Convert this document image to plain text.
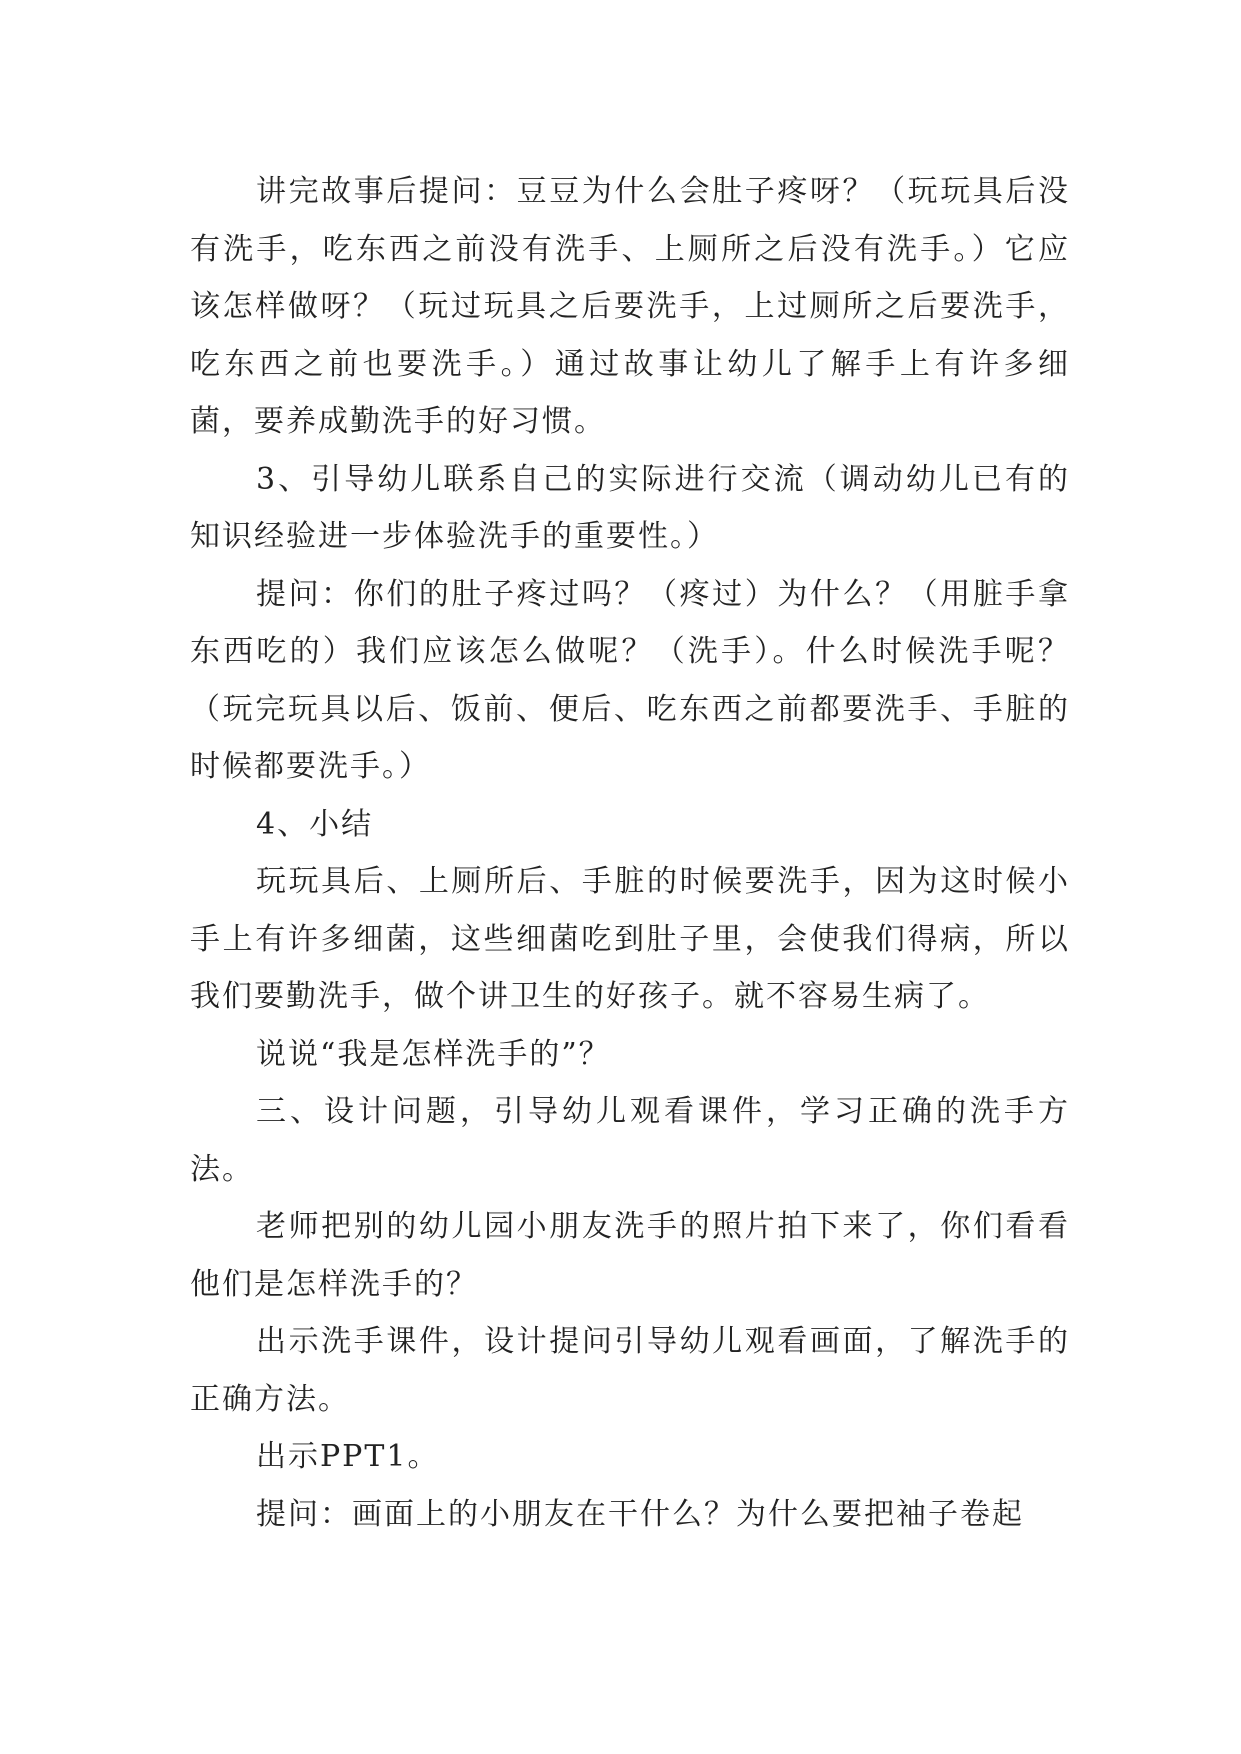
讲完故事后提问：豆豆为什么会肚子疼呀？（玩玩具后没有洗手，吃东西之前没有洗手、上厕所之后没有洗手。）它应该怎样做呀？（玩过玩具之后要洗手，上过厕所之后要洗手，吃东西之前也要洗手。）通过故事让幼儿了解手上有许多细菌，要养成勤洗手的好习惯。

3、引导幼儿联系自己的实际进行交流（调动幼儿已有的知识经验进一步体验洗手的重要性。）

提问：你们的肚子疼过吗？（疼过）为什么？（用脏手拿东西吃的）我们应该怎么做呢？（洗手）。什么时候洗手呢？（玩完玩具以后、饭前、便后、吃东西之前都要洗手、手脏的时候都要洗手。）

4、小结

玩玩具后、上厕所后、手脏的时候要洗手，因为这时候小手上有许多细菌，这些细菌吃到肚子里，会使我们得病，所以我们要勤洗手，做个讲卫生的好孩子。就不容易生病了。

说说“我是怎样洗手的”？

三、设计问题，引导幼儿观看课件，学习正确的洗手方法。

老师把别的幼儿园小朋友洗手的照片拍下来了，你们看看他们是怎样洗手的？

出示洗手课件，设计提问引导幼儿观看画面，了解洗手的正确方法。

出示PPT1。

提问：画面上的小朋友在干什么？为什么要把袖子卷起
